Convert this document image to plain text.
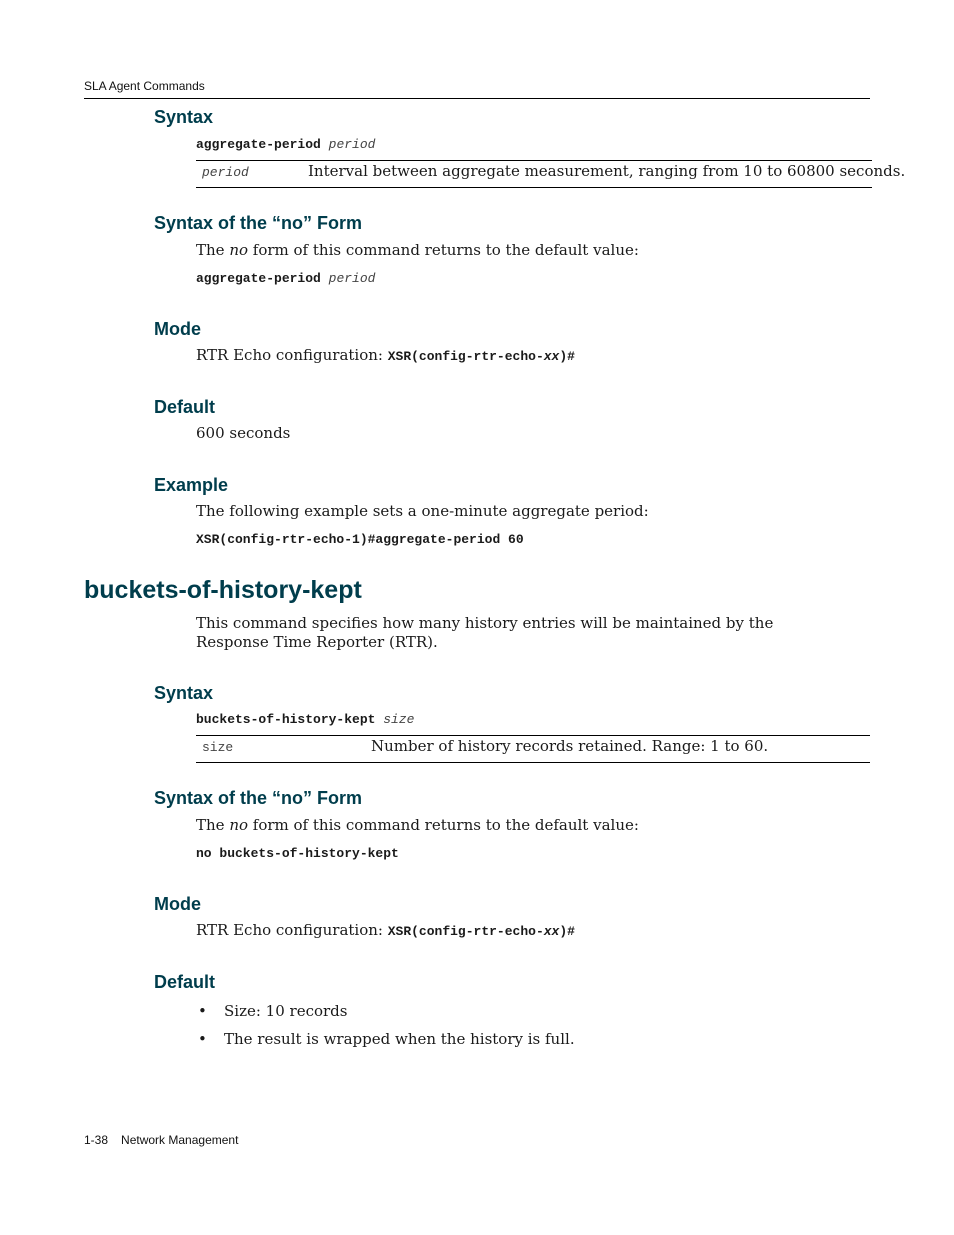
SLA Agent Commands
Syntax
aggregate-period period
period	Interval between aggregate measurement, ranging from 10 to 60800 seconds.
Syntax of the “no” Form
The no form of this command returns to the default value:
aggregate-period period
Mode
RTR Echo configuration: XSR(config-rtr-echo-xx)#
Default
600 seconds
Example
The following example sets a one-minute aggregate period:
XSR(config-rtr-echo-1)#aggregate-period 60
buckets-of-history-kept
This command specifies how many history entries will be maintained by the Response Time Reporter (RTR).
Syntax
buckets-of-history-kept size
size	Number of history records retained. Range: 1 to 60.
Syntax of the “no” Form
The no form of this command returns to the default value:
no buckets-of-history-kept
Mode
RTR Echo configuration: XSR(config-rtr-echo-xx)#
Default
• Size: 10 records
• The result is wrapped when the history is full.
1-38 Network Management
